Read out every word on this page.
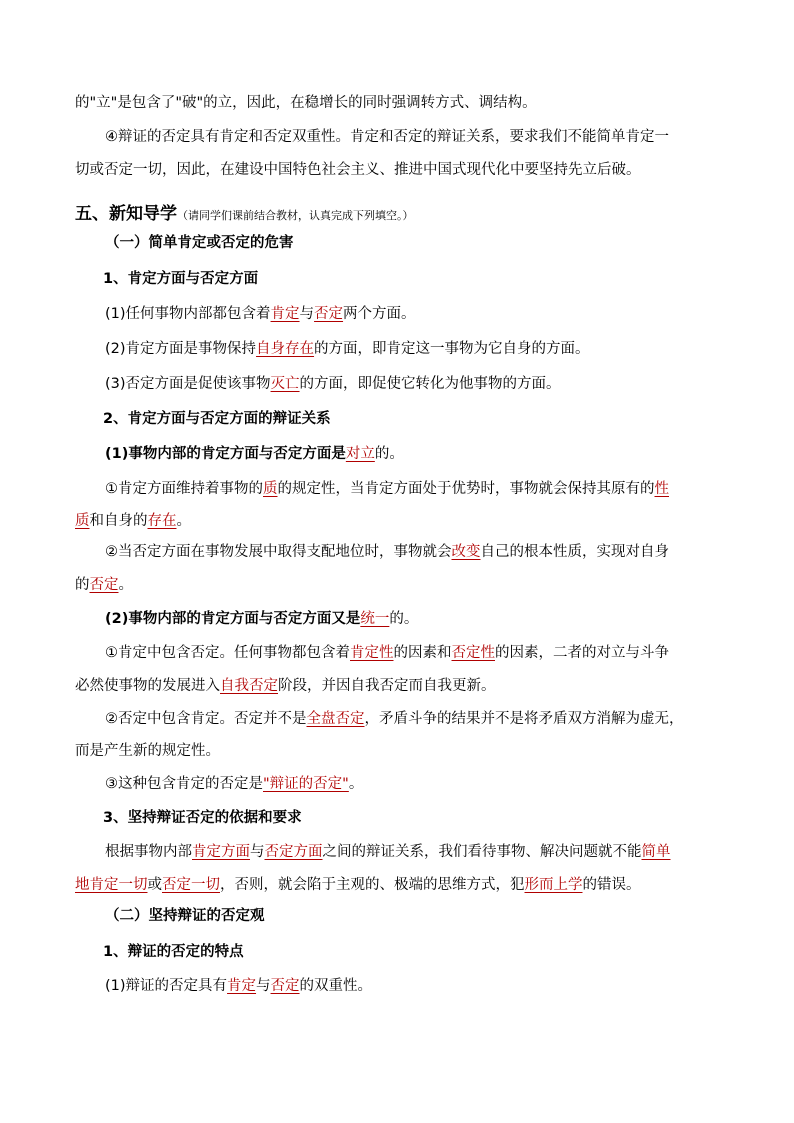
的"立"是包含了"破"的立，因此，在稳增长的同时强调转方式、调结构。
④辩证的否定具有肯定和否定双重性。肯定和否定的辩证关系，要求我们不能简单肯定一
切或否定一切，因此，在建设中国特色社会主义、推进中国式现代化中要坚持先立后破。
五、新知导学（请同学们课前结合教材，认真完成下列填空。）
（一）简单肯定或否定的危害
1、肯定方面与否定方面
(1)任何事物内部都包含着肯定与否定两个方面。
(2)肯定方面是事物保持自身存在的方面，即肯定这一事物为它自身的方面。
(3)否定方面是促使该事物灭亡的方面，即促使它转化为他事物的方面。
2、肯定方面与否定方面的辩证关系
(1)事物内部的肯定方面与否定方面是对立的。
①肯定方面维持着事物的质的规定性，当肯定方面处于优势时，事物就会保持其原有的性
质和自身的存在。
②当否定方面在事物发展中取得支配地位时，事物就会改变自己的根本性质，实现对自身
的否定。
(2)事物内部的肯定方面与否定方面又是统一的。
①肯定中包含否定。任何事物都包含着肯定性的因素和否定性的因素，二者的对立与斗争
必然使事物的发展进入自我否定阶段，并因自我否定而自我更新。
②否定中包含肯定。否定并不是全盘否定，矛盾斗争的结果并不是将矛盾双方消解为虚无，
而是产生新的规定性。
③这种包含肯定的否定是"辩证的否定"。
3、坚持辩证否定的依据和要求
根据事物内部肯定方面与否定方面之间的辩证关系，我们看待事物、解决问题就不能简单
地肯定一切或否定一切，否则，就会陷于主观的、极端的思维方式，犯形而上学的错误。
（二）坚持辩证的否定观
1、辩证的否定的特点
(1)辩证的否定具有肯定与否定的双重性。
